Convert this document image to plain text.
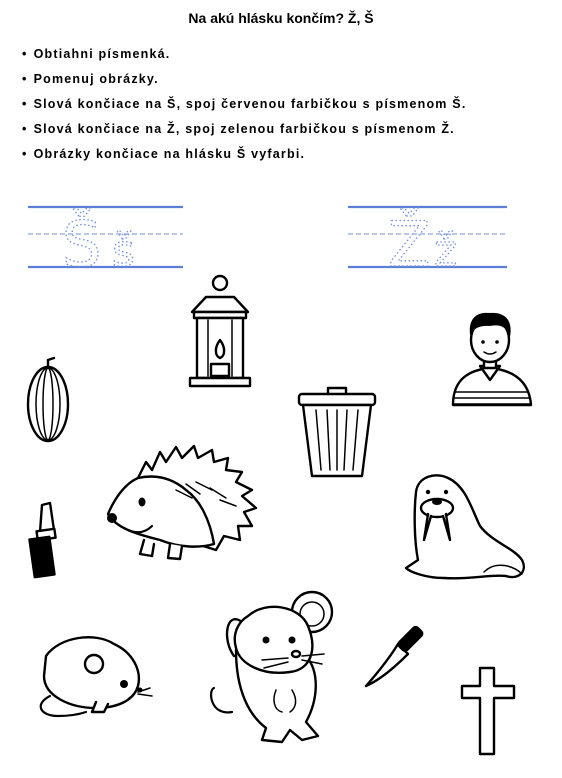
Na akú hlásku končím? Ž, Š
• Obtiahni písmenká.
• Pomenuj obrázky.
• Slová končiace na Š, spoj červenou farbičkou s písmenom Š.
• Slová končiace na Ž, spoj zelenou farbičkou s písmenom Ž.
• Obrázky končiace na hlásku Š vyfarbi.
Š š	Ž ž
